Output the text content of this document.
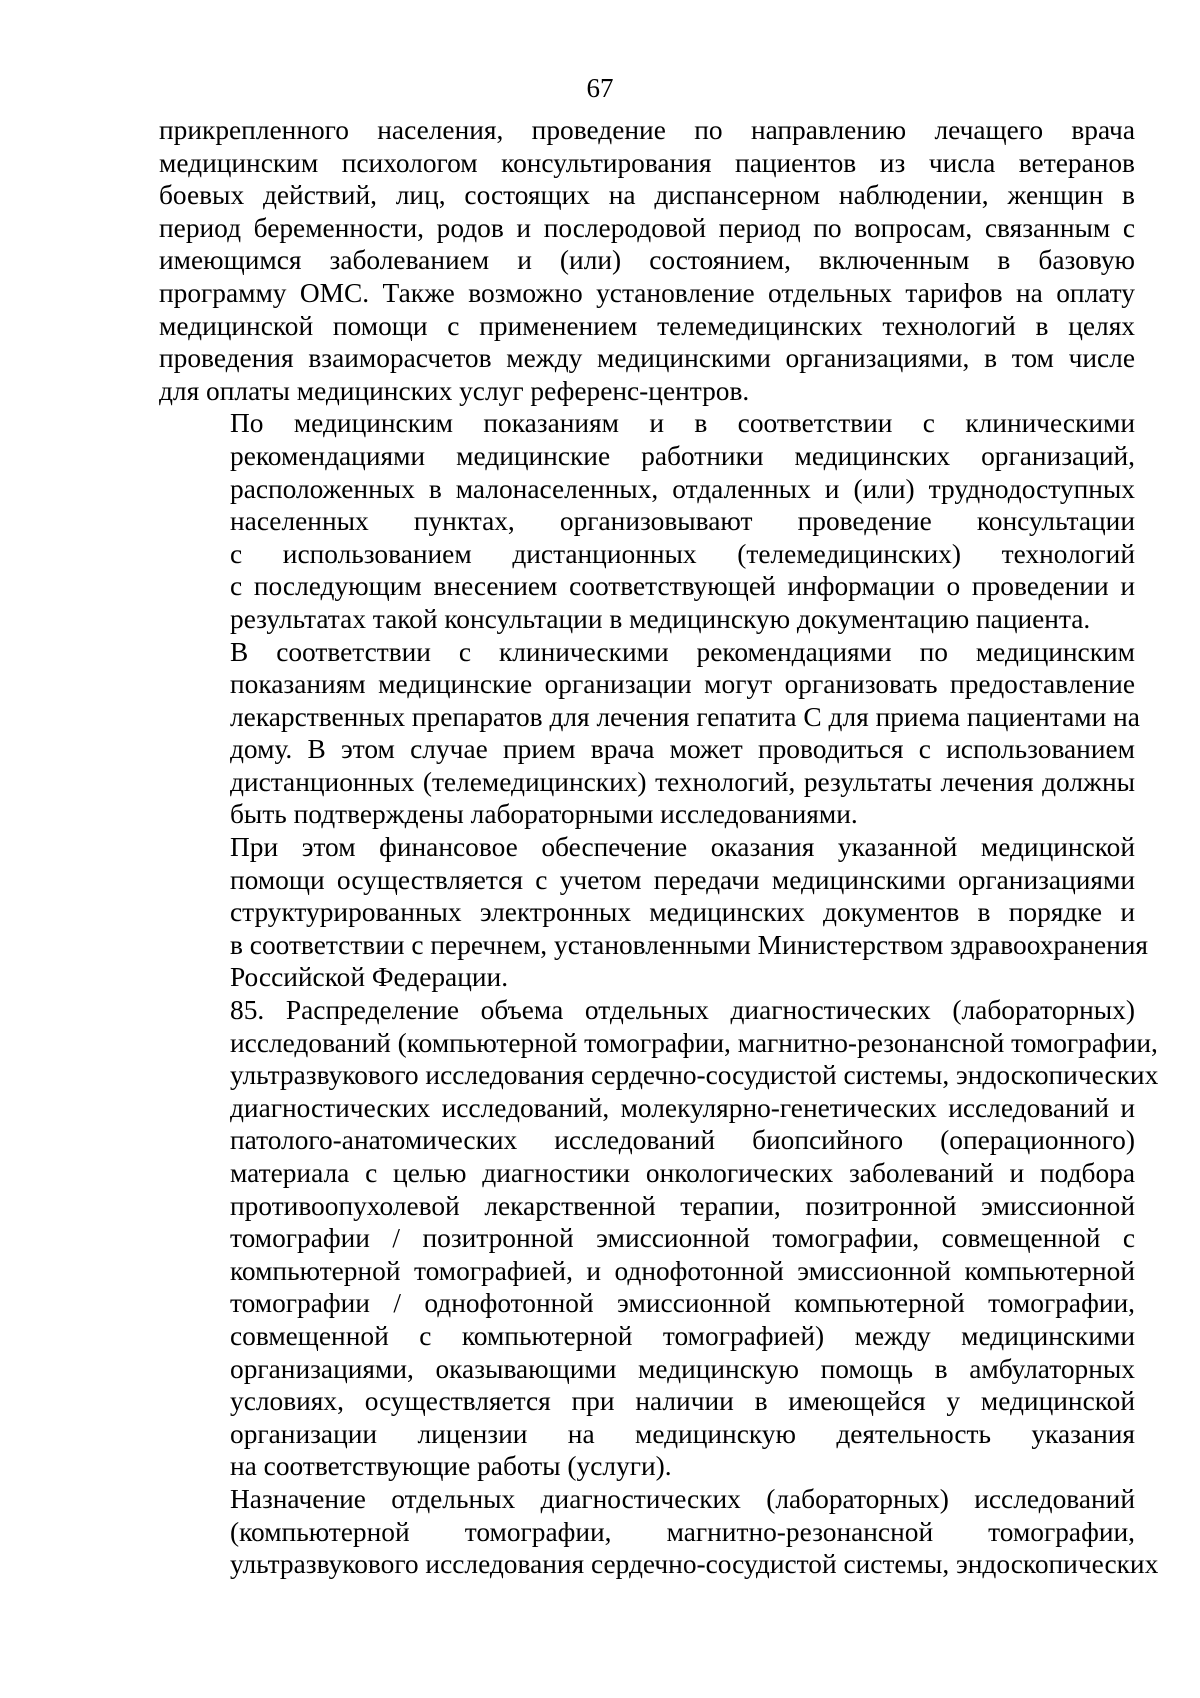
67

прикрепленного населения, проведение по направлению лечащего врача
медицинским психологом консультирования пациентов из числа ветеранов
боевых действий, лиц, состоящих на диспансерном наблюдении, женщин в
период беременности, родов и послеродовой период по вопросам, связанным с
имеющимся заболеванием и (или) состоянием, включенным в базовую
программу ОМС. Также возможно установление отдельных тарифов на оплату
медицинской помощи с применением телемедицинских технологий в целях
проведения взаиморасчетов между медицинскими организациями, в том числе
для оплаты медицинских услуг референс-центров.

По медицинским показаниям и в соответствии с клиническими
рекомендациями медицинские работники медицинских организаций,
расположенных в малонаселенных, отдаленных и (или) труднодоступных
населенных пунктах, организовывают проведение консультации
с использованием дистанционных (телемедицинских) технологий
с последующим внесением соответствующей информации о проведении и
результатах такой консультации в медицинскую документацию пациента.

В соответствии с клиническими рекомендациями по медицинским
показаниям медицинские организации могут организовать предоставление
лекарственных препаратов для лечения гепатита С для приема пациентами на
дому. В этом случае прием врача может проводиться с использованием
дистанционных (телемедицинских) технологий, результаты лечения должны
быть подтверждены лабораторными исследованиями.

При этом финансовое обеспечение оказания указанной медицинской
помощи осуществляется с учетом передачи медицинскими организациями
структурированных электронных медицинских документов в порядке и
в соответствии с перечнем, установленными Министерством здравоохранения
Российской Федерации.

85. Распределение объема отдельных диагностических (лабораторных)
исследований (компьютерной томографии, магнитно-резонансной томографии,
ультразвукового исследования сердечно-сосудистой системы, эндоскопических
диагностических исследований, молекулярно-генетических исследований и
патолого-анатомических исследований биопсийного (операционного)
материала с целью диагностики онкологических заболеваний и подбора
противоопухолевой лекарственной терапии, позитронной эмиссионной
томографии / позитронной эмиссионной томографии, совмещенной с
компьютерной томографией, и однофотонной эмиссионной компьютерной
томографии / однофотонной эмиссионной компьютерной томографии,
совмещенной с компьютерной томографией) между медицинскими
организациями, оказывающими медицинскую помощь в амбулаторных
условиях, осуществляется при наличии в имеющейся у медицинской
организации лицензии на медицинскую деятельность указания
на соответствующие работы (услуги).

Назначение отдельных диагностических (лабораторных) исследований
(компьютерной томографии, магнитно-резонансной томографии,
ультразвукового исследования сердечно-сосудистой системы, эндоскопических
